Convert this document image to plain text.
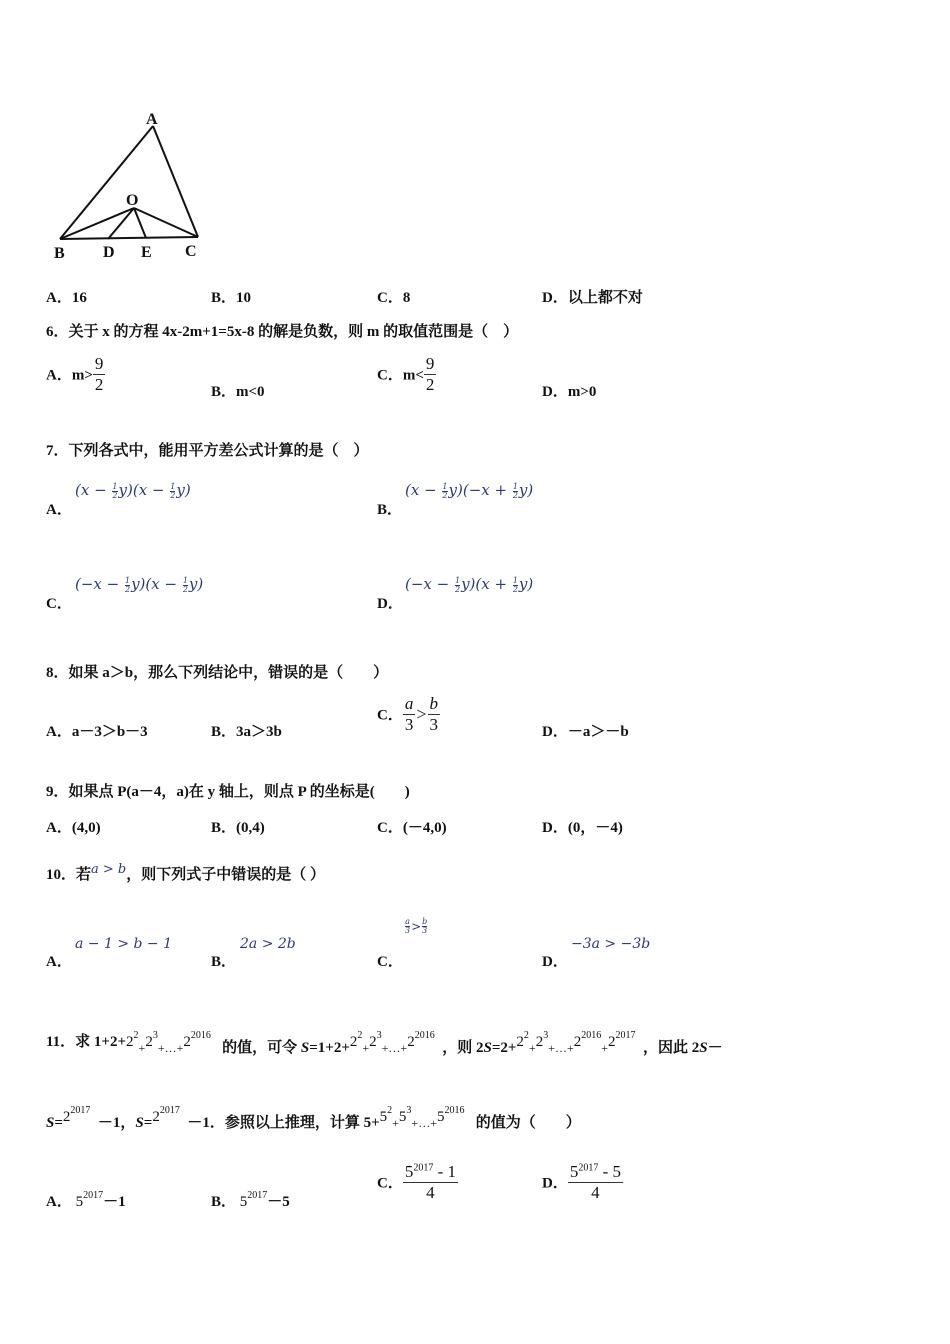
A
O
B D E C
A．16	B．10	C．8	D．以上都不对
6．关于 x 的方程 4x-2m+1=5x-8 的解是负数，则 m 的取值范围是（　）
A．$m> \frac{9}{2}$	B．m<0
C．$m< \frac{9}{2}$	D．m>0
7．下列各式中，能用平方差公式计算的是（　）
A．
$(x - \frac{1}{2} y)(x - \frac{1}{2} y)$
B．
$(x - \frac{1}{2} y)(-x + \frac{1}{2} y)$
C．
$(-x - \frac{1}{2} y)(x - \frac{1}{2} y)$
D．
$(-x - \frac{1}{2} y)(x + \frac{1}{2} y)$
8．如果 a＞b，那么下列结论中，错误的是（　　）
A．a－3＞b－3	B．3a＞3b
C． $\frac{a}{3} > \frac{b}{3}$	D．－a＞－b
9．如果点 P(a－4，a)在 y 轴上，则点 P 的坐标是(　　)
A．(4,0)	B．(0,4)	C．(－4,0)	D．(0，－4)
10．若a > b，则下列式子中错误的是（ ）
A．
a − 1 > b − 1
B．
2a > 2b
C．
$\frac{a}{3} > \frac{b}{3}$
D．
−3a > −3b
11．求 $1+2+2^2_+2^3_{+\dots+}2^{2016}$   的值，可令 $S=1+2+2^2_+2^3_{+\dots+}2^{2016}$  ，则 $2S=2+2^2_+2^3_{+\dots+}2^{2016}_+2^{2017}$  ，因此 2S－
$S=2^{2017} -1$，$S=2^{2017} -1$．参照以上推理，计算 $5+5^2_+5^3_{+\dots+}5^{2016}$   的值为（　　）
A． $5^{2017}-1$	B． $5^{2017}-5$
C． $\frac{5^{2017} - 1}{4}$	D． $\frac{5^{2017} - 5}{4}$
